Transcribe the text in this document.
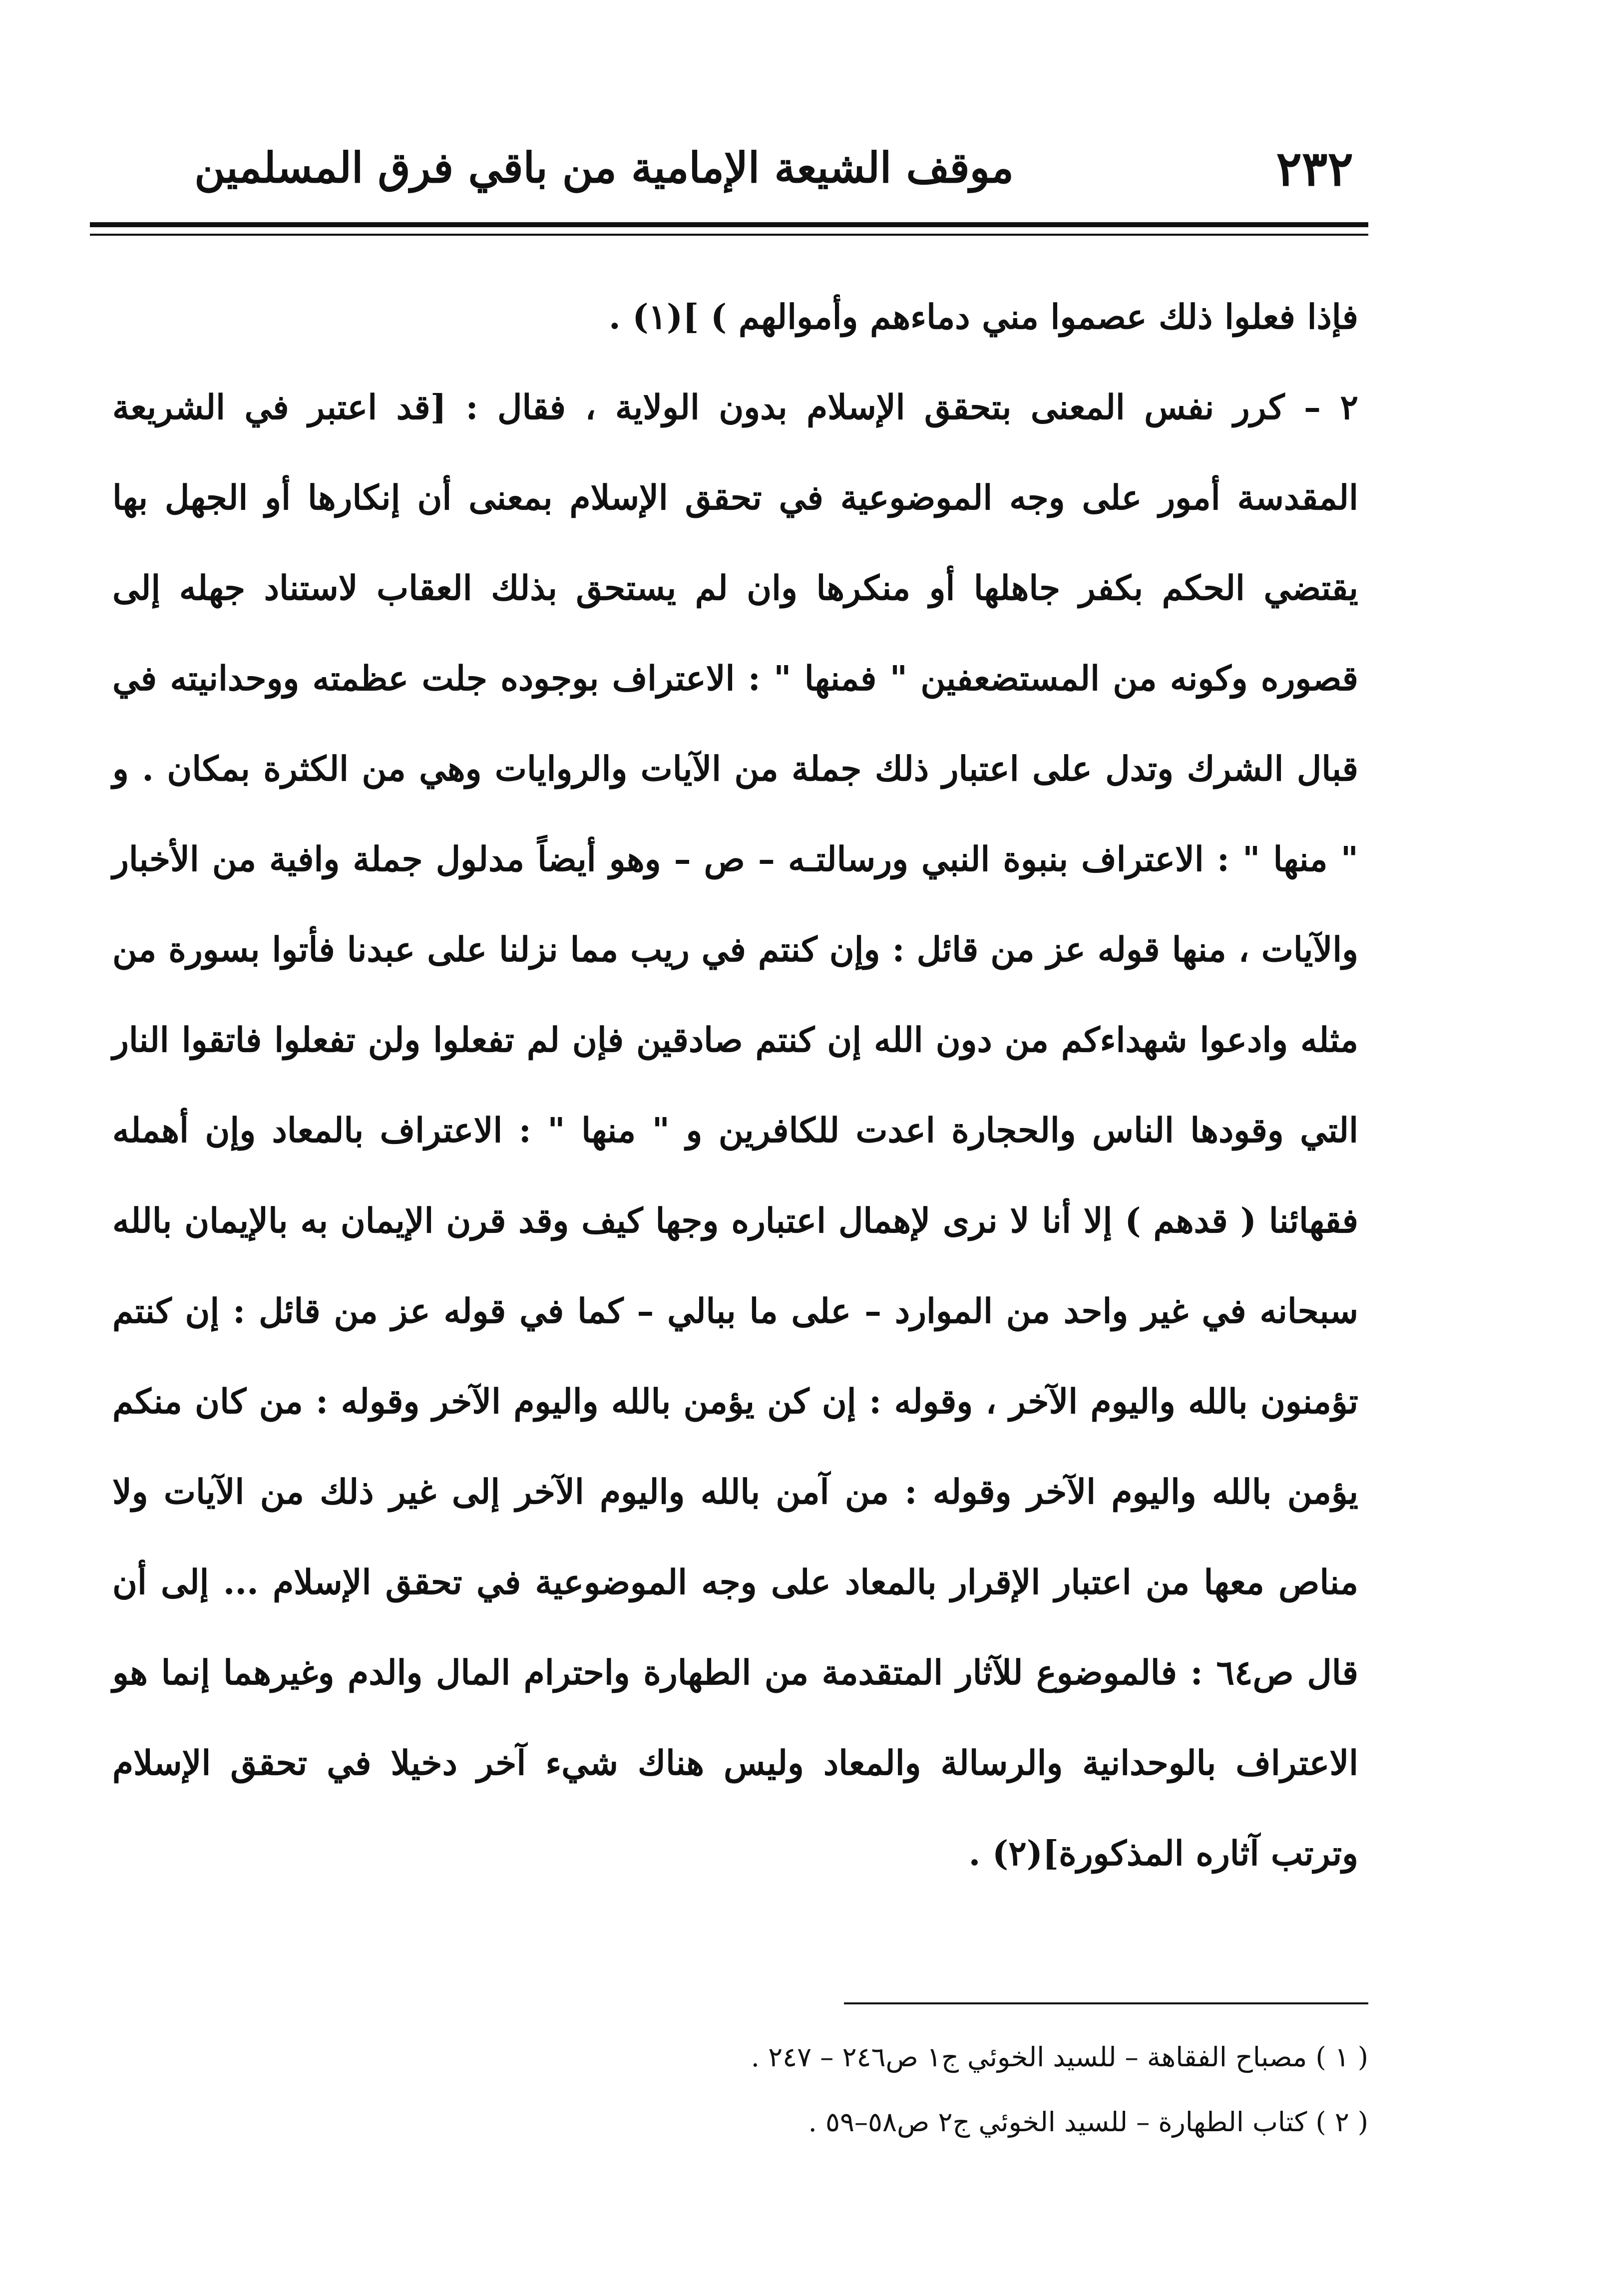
٢٣٢
موقف الشيعة الإمامية من باقي فرق المسلمين

فإذا فعلوا ذلك عصموا مني دماءهم وأموالهم ) ](١) .

٢ – كرر نفس المعنى بتحقق الإسلام بدون الولاية ، فقال : [قد اعتبر في الشريعة المقدسة أمور على وجه الموضوعية في تحقق الإسلام بمعنى أن إنكارها أو الجهل بها يقتضي الحكم بكفر جاهلها أو منكرها وان لم يستحق بذلك العقاب لاستناد جهله إلى قصوره وكونه من المستضعفين " فمنها " : الاعتراف بوجوده جلت عظمته ووحدانيته في قبال الشرك وتدل على اعتبار ذلك جملة من الآيات والروايات وهي من الكثرة بمكان . و " منها " : الاعتراف بنبوة النبي ورسالتـه – ص – وهو أيضاً مدلول جملة وافية من الأخبار والآيات ، منها قوله عز من قائل : وإن كنتم في ريب مما نزلنا على عبدنا فأتوا بسورة من مثله وادعوا شهداءكم من دون الله إن كنتم صادقين فإن لم تفعلوا ولن تفعلوا فاتقوا النار التي وقودها الناس والحجارة اعدت للكافرين و " منها " : الاعتراف بالمعاد وإن أهمله فقهائنا ( قدهم ) إلا أنا لا نرى لإهمال اعتباره وجها كيف وقد قرن الإيمان به بالإيمان بالله سبحانه في غير واحد من الموارد – على ما ببالي – كما في قوله عز من قائل : إن كنتم تؤمنون بالله واليوم الآخر ، وقوله : إن كن يؤمن بالله واليوم الآخر وقوله : من كان منكم يؤمن بالله واليوم الآخر وقوله : من آمن بالله واليوم الآخر إلى غير ذلك من الآيات ولا مناص معها من اعتبار الإقرار بالمعاد على وجه الموضوعية في تحقق الإسلام ... إلى أن قال ص٦٤ : فالموضوع للآثار المتقدمة من الطهارة واحترام المال والدم وغيرهما إنما هو الاعتراف بالوحدانية والرسالة والمعاد وليس هناك شيء آخر دخيلا في تحقق الإسلام وترتب آثاره المذكورة](٢) .

( ١ ) مصباح الفقاهة – للسيد الخوئي ج١ ص٢٤٦ – ٢٤٧ .

( ٢ ) كتاب الطهارة – للسيد الخوئي ج٢ ص٥٨–٥٩ .
